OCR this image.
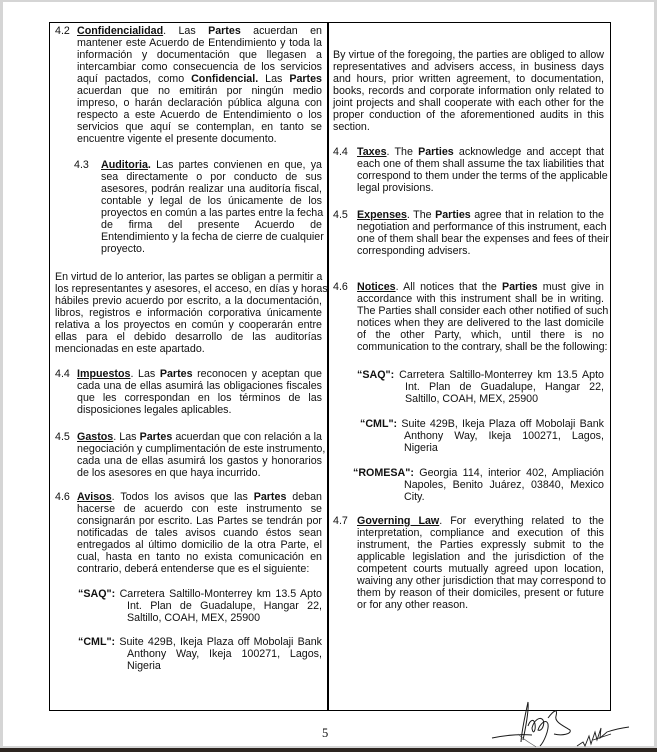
4.2 Confidencialidad. Las Partes acuerdan en
mantener este Acuerdo de Entendimiento y toda la
información y documentación que llegasen a
intercambiar como consecuencia de los servicios
aquí pactados, como Confidencial. Las Partes
acuerdan que no emitirán por ningún medio
impreso, o harán declaración pública alguna con
respecto a este Acuerdo de Entendimiento o los
servicios que aquí se contemplan, en tanto se
encuentre vigente el presente documento.
4.3 Auditoria. Las partes convienen en que, ya
sea directamente o por conducto de sus
asesores, podrán realizar una auditoría fiscal,
contable y legal de los únicamente de los
proyectos en común a las partes entre la fecha
de firma del presente Acuerdo de
Entendimiento y la fecha de cierre de cualquier
proyecto.
En virtud de lo anterior, las partes se obligan a permitir a
los representantes y asesores, el acceso, en días y horas
hábiles previo acuerdo por escrito, a la documentación,
libros, registros e información corporativa únicamente
relativa a los proyectos en común y cooperarán entre
ellas para el debido desarrollo de las auditorías
mencionadas en este apartado.
4.4 Impuestos. Las Partes reconocen y aceptan que
cada una de ellas asumirá las obligaciones fiscales
que les correspondan en los términos de las
disposiciones legales aplicables.
4.5 Gastos. Las Partes acuerdan que con relación a la
negociación y cumplimentación de este instrumento,
cada una de ellas asumirá los gastos y honorarios
de los asesores en que haya incurrido.
4.6 Avisos. Todos los avisos que las Partes deban
hacerse de acuerdo con este instrumento se
consignarán por escrito. Las Partes se tendrán por
notificadas de tales avisos cuando éstos sean
entregados al último domicilio de la otra Parte, el
cual, hasta en tanto no exista comunicación en
contrario, deberá entenderse que es el siguiente:
“SAQ": Carretera Saltillo-Monterrey km 13.5 Apto
Int. Plan de Guadalupe, Hangar 22,
Saltillo, COAH, MEX, 25900
“CML": Suite 429B, Ikeja Plaza off Mobolaji Bank
Anthony Way, Ikeja 100271, Lagos,
Nigeria
By virtue of the foregoing, the parties are obliged to allow
representatives and advisers access, in business days
and hours, prior written agreement, to documentation,
books, records and corporate information only related to
joint projects and shall cooperate with each other for the
proper conduction of the aforementioned audits in this
section.
4.4 Taxes. The Parties acknowledge and accept that
each one of them shall assume the tax liabilities that
correspond to them under the terms of the applicable
legal provisions.
4.5 Expenses. The Parties agree that in relation to the
negotiation and performance of this instrument, each
one of them shall bear the expenses and fees of their
corresponding advisers.
4.6 Notices. All notices that the Parties must give in
accordance with this instrument shall be in writing.
The Parties shall consider each other notified of such
notices when they are delivered to the last domicile
of the other Party, which, until there is no
communication to the contrary, shall be the following:
“SAQ": Carretera Saltillo-Monterrey km 13.5 Apto
Int. Plan de Guadalupe, Hangar 22,
Saltillo, COAH, MEX, 25900
“CML": Suite 429B, Ikeja Plaza off Mobolaji Bank
Anthony Way, Ikeja 100271, Lagos,
Nigeria
“ROMESA": Georgia 114, interior 402, Ampliación
Napoles, Benito Juárez, 03840, Mexico
City.
4.7 Governing Law. For everything related to the
interpretation, compliance and execution of this
instrument, the Parties expressly submit to the
applicable legislation and the jurisdiction of the
competent courts mutually agreed upon location,
waiving any other jurisdiction that may correspond to
them by reason of their domiciles, present or future
or for any other reason.
5
